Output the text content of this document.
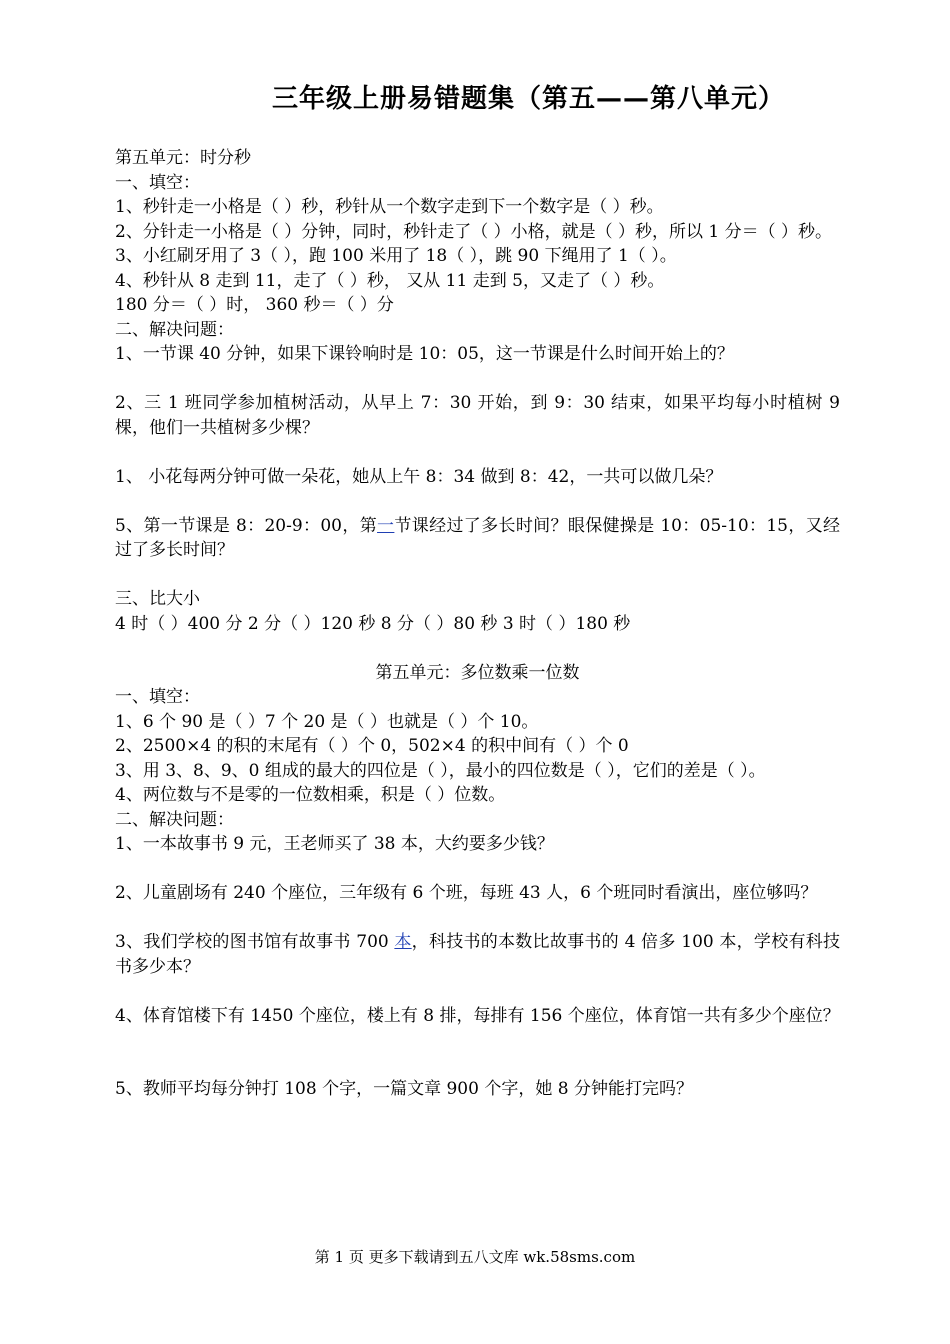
三年级上册易错题集（第五——第八单元）
第五单元：时分秒
一、填空：
1、秒针走一小格是（ ）秒，秒针从一个数字走到下一个数字是（ ）秒。
2、分针走一小格是（ ）分钟，同时，秒针走了（ ）小格，就是（ ）秒，所以 1 分＝（ ）秒。
3、小红刷牙用了 3（ ），跑 100 米用了 18（ ），跳 90 下绳用了 1（ ）。
4、秒针从 8 走到 11，走了（ ）秒， 又从 11 走到 5，又走了（ ）秒。
180 分＝（ ）时， 360 秒＝（ ）分
二、解决问题：
1、一节课 40 分钟，如果下课铃响时是 10：05，这一节课是什么时间开始上的？
2、三 1 班同学参加植树活动，从早上 7：30 开始，到 9：30 结束，如果平均每小时植树 9 棵，他们一共植树多少棵？
1、 小花每两分钟可做一朵花，她从上午 8：34 做到 8：42，一共可以做几朵？
5、第一节课是 8：20-9：00，第一节课经过了多长时间？眼保健操是 10：05-10：15，又经过了多长时间？
三、比大小
4 时（ ）400 分 2 分（ ）120 秒 8 分（ ）80 秒 3 时（ ）180 秒
第五单元：多位数乘一位数
一、填空：
1、6 个 90 是（ ）7 个 20 是（ ）也就是（ ）个 10。
2、2500×4 的积的末尾有（ ）个 0，502×4 的积中间有（ ）个 0
3、用 3、8、9、0 组成的最大的四位是（ ），最小的四位数是（ ），它们的差是（ ）。
4、两位数与不是零的一位数相乘，积是（ ）位数。
二、解决问题：
1、一本故事书 9 元，王老师买了 38 本，大约要多少钱？
2、儿童剧场有 240 个座位，三年级有 6 个班，每班 43 人，6 个班同时看演出，座位够吗？
3、我们学校的图书馆有故事书 700 本，科技书的本数比故事书的 4 倍多 100 本，学校有科技书多少本？
4、体育馆楼下有 1450 个座位，楼上有 8 排，每排有 156 个座位，体育馆一共有多少个座位？
5、教师平均每分钟打 108 个字，一篇文章 900 个字，她 8 分钟能打完吗？
第 1 页 更多下载请到五八文库 wk.58sms.com
